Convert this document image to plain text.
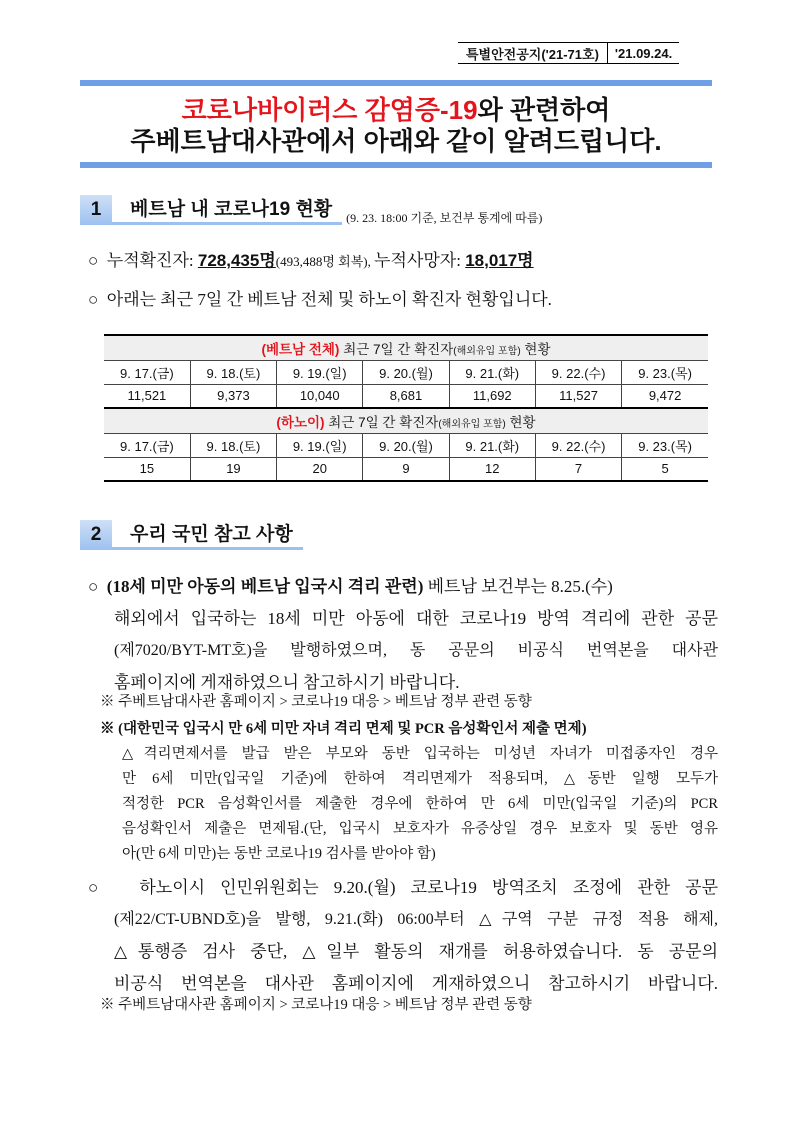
특별안전공지('21-71호)	'21.09.24.
코로나바이러스 감염증-19와 관련하여
주베트남대사관에서 아래와 같이 알려드립니다.
1	베트남 내 코로나19 현황	(9. 23. 18:00 기준, 보건부 통계에 따름)
○ 누적확진자: 728,435명(493,488명 회복), 누적사망자: 18,017명
○ 아래는 최근 7일 간 베트남 전체 및 하노이 확진자 현황입니다.
(베트남 전체) 최근 7일 간 확진자(해외유입 포함) 현황						
9. 17.(금)	9. 18.(토)	9. 19.(일)	9. 20.(월)	9. 21.(화)	9. 22.(수)	9. 23.(목)
11,521	9,373	10,040	8,681	11,692	11,527	9,472
(하노이) 최근 7일 간 확진자(해외유입 포함) 현황						
9. 17.(금)	9. 18.(토)	9. 19.(일)	9. 20.(월)	9. 21.(화)	9. 22.(수)	9. 23.(목)
15	19	20	9	12	7	5
2	우리 국민 참고 사항
○ (18세 미만 아동의 베트남 입국시 격리 관련) 베트남 보건부는 8.25.(수)
해외에서 입국하는 18세 미만 아동에 대한 코로나19 방역 격리에 관한 공문
(제7020/BYT-MT호)을 발행하였으며, 동 공문의 비공식 번역본을 대사관
홈페이지에 게재하였으니 참고하시기 바랍니다.
※ 주베트남대사관 홈페이지 > 코로나19 대응 > 베트남 정부 관련 동향
※ (대한민국 입국시 만 6세 미만 자녀 격리 면제 및 PCR 음성확인서 제출 면제)
△격리면제서를 발급 받은 부모와 동반 입국하는 미성년 자녀가 미접종자인 경우
만 6세 미만(입국일 기준)에 한하여 격리면제가 적용되며, △동반 일행 모두가
적정한 PCR 음성확인서를 제출한 경우에 한하여 만 6세 미만(입국일 기준)의 PCR
음성확인서 제출은 면제됨.(단, 입국시 보호자가 유증상일 경우 보호자 및 동반 영유
아(만 6세 미만)는 동반 코로나19 검사를 받아야 함)
○ 하노이시 인민위원회는 9.20.(월) 코로나19 방역조치 조정에 관한 공문
(제22/CT-UBND호)을 발행, 9.21.(화) 06:00부터 △구역 구분 규정 적용 해제,
△통행증 검사 중단, △일부 활동의 재개를 허용하였습니다. 동 공문의
비공식 번역본을 대사관 홈페이지에 게재하였으니 참고하시기 바랍니다.
※ 주베트남대사관 홈페이지 > 코로나19 대응 > 베트남 정부 관련 동향
